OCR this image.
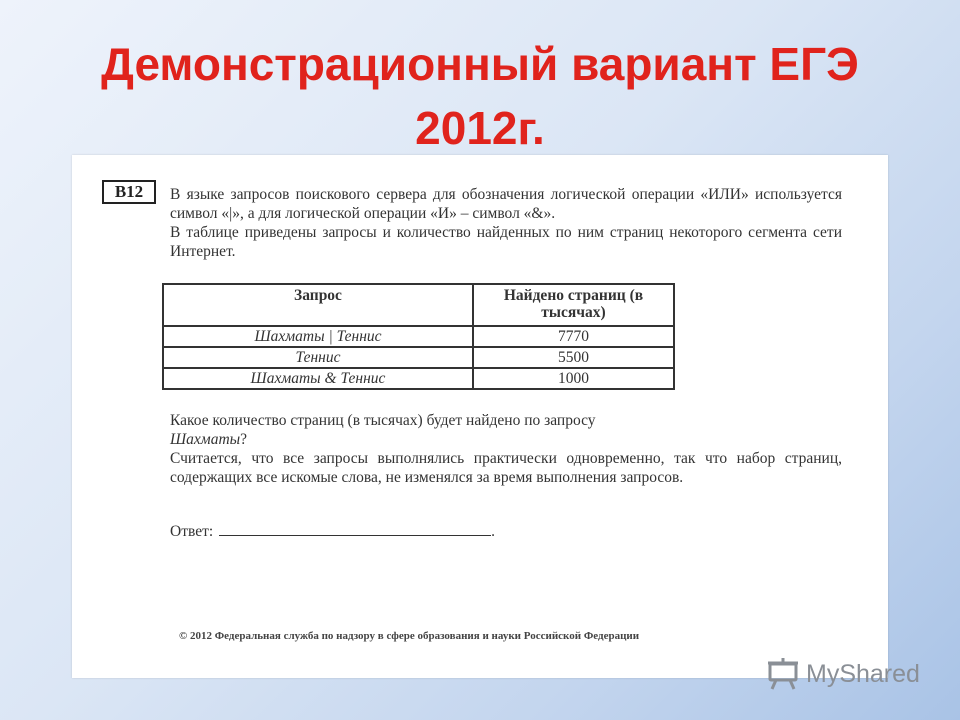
Демонстрационный вариант ЕГЭ
2012г.
В12	В языке запросов поискового сервера для обозначения логической операции «ИЛИ» используется символ «|», а для логической операции «И» – символ «&».

В таблице приведены запросы и количество найденных по ним страниц некоторого сегмента сети Интернет.

Запрос	Найдено страниц (в тысячах)
Шахматы | Теннис	7770
Теннис	5500
Шахматы & Теннис	1000

Какое количество страниц (в тысячах) будет найдено по запросу

Шахматы?

Считается, что все запросы выполнялись практически одновременно, так что набор страниц, содержащих все искомые слова, не изменялся за время выполнения запросов.

Ответ:	.
© 2012 Федеральная служба по надзору в сфере образования и науки Российской Федерации
MyShared
